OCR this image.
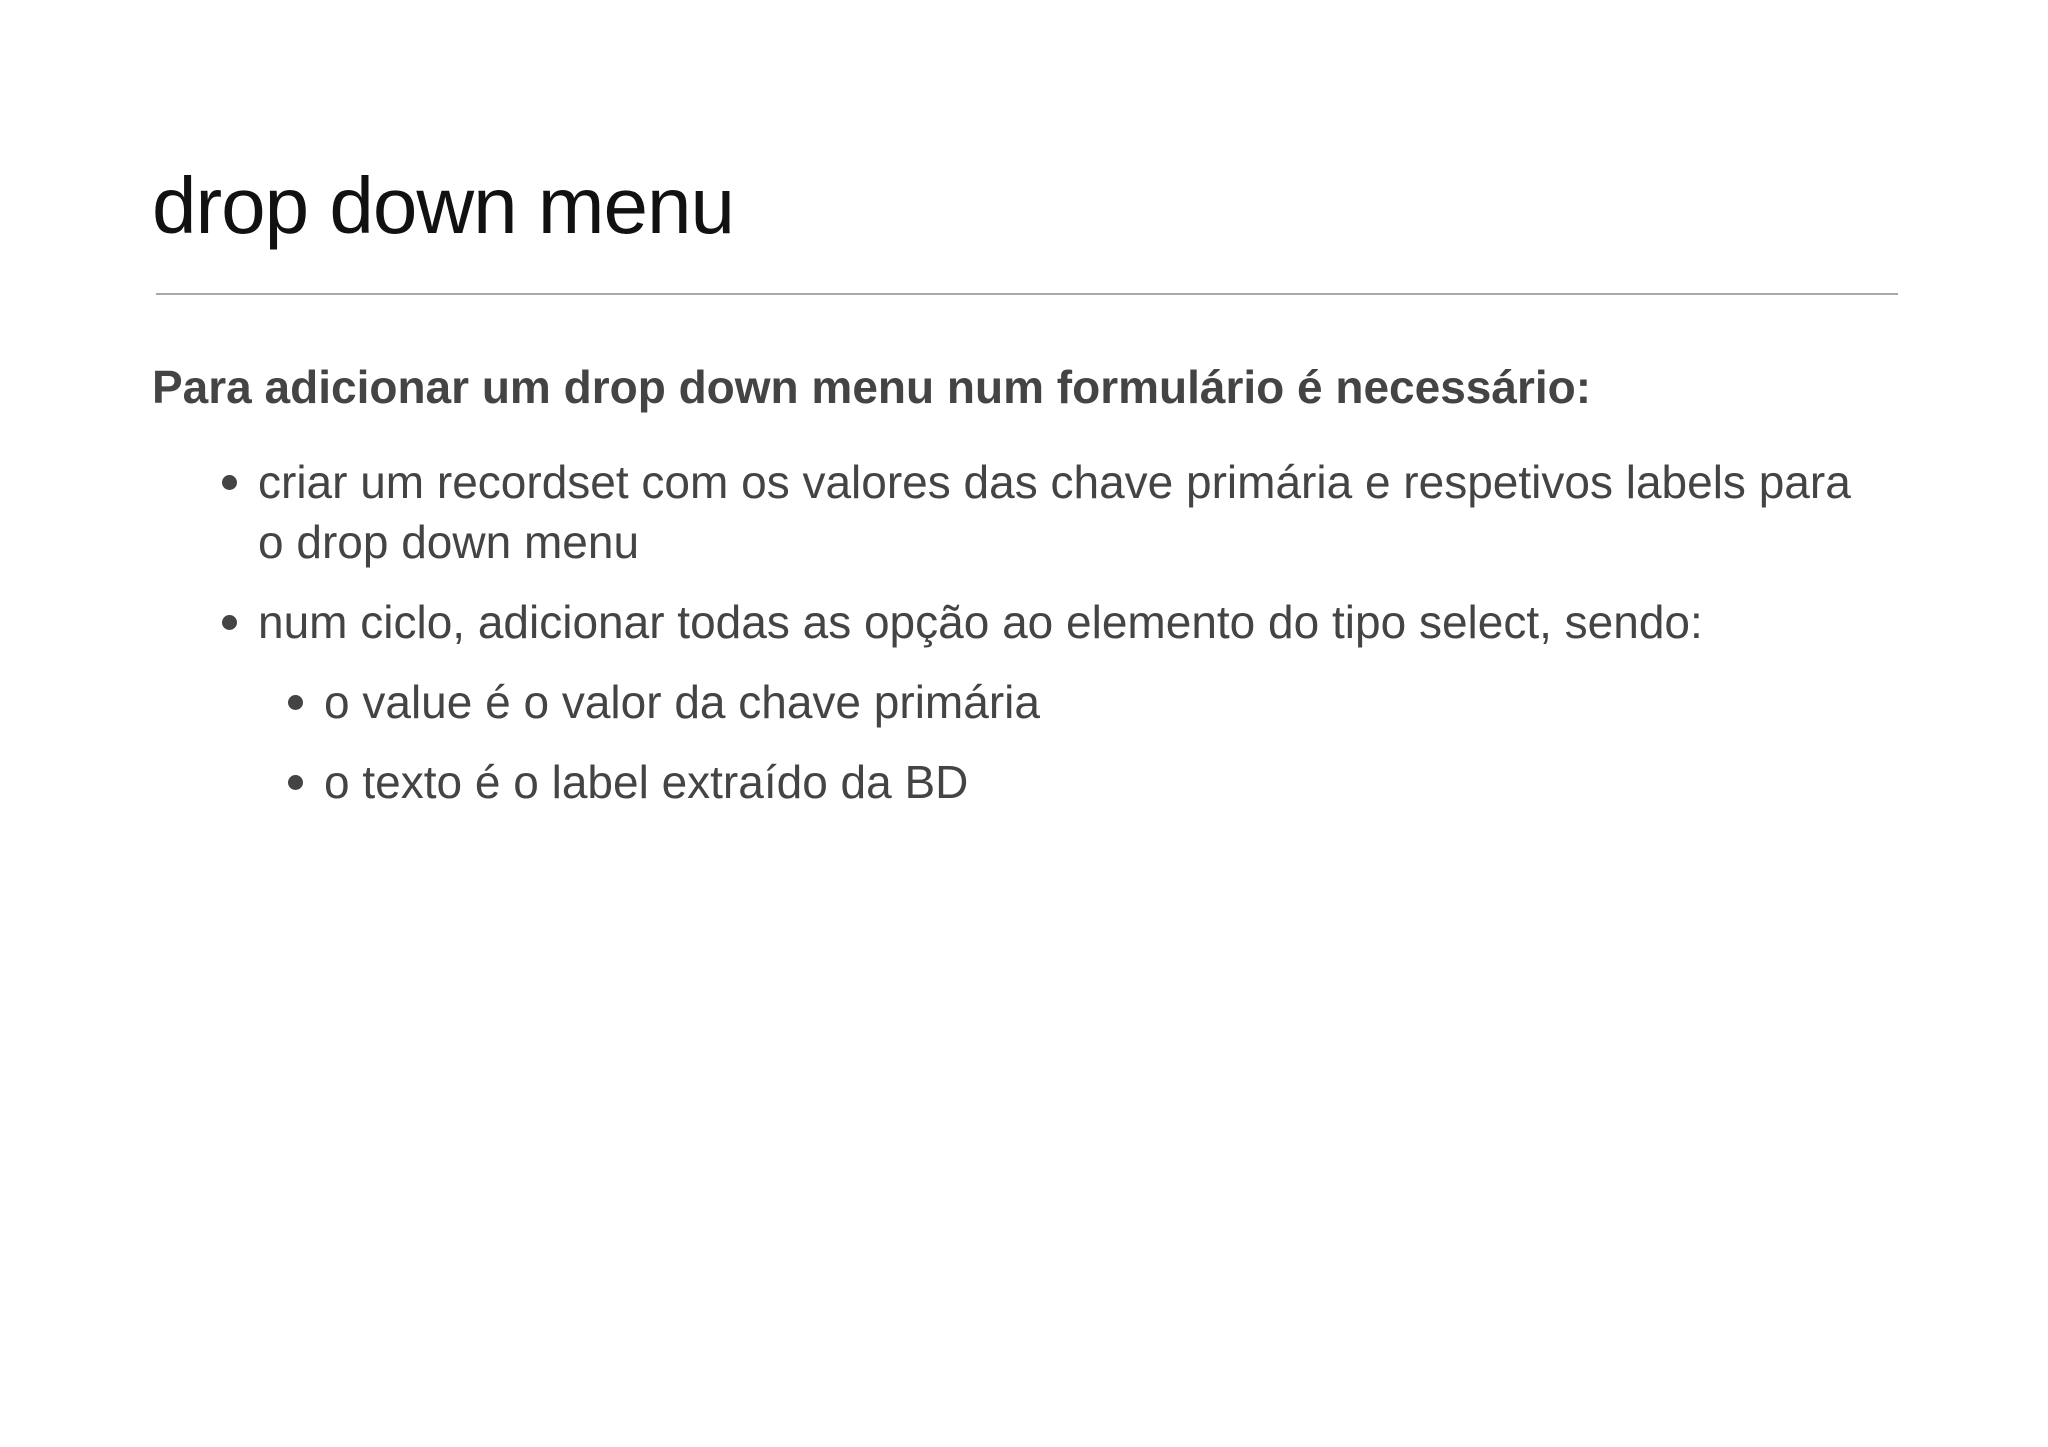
drop down menu

Para adicionar um drop down menu num formulário é necessário:

criar um recordset com os valores das chave primária e respetivos labels para o drop down menu
num ciclo, adicionar todas as opção ao elemento do tipo select, sendo:
o value é o valor da chave primária
o texto é o label extraído da BD
